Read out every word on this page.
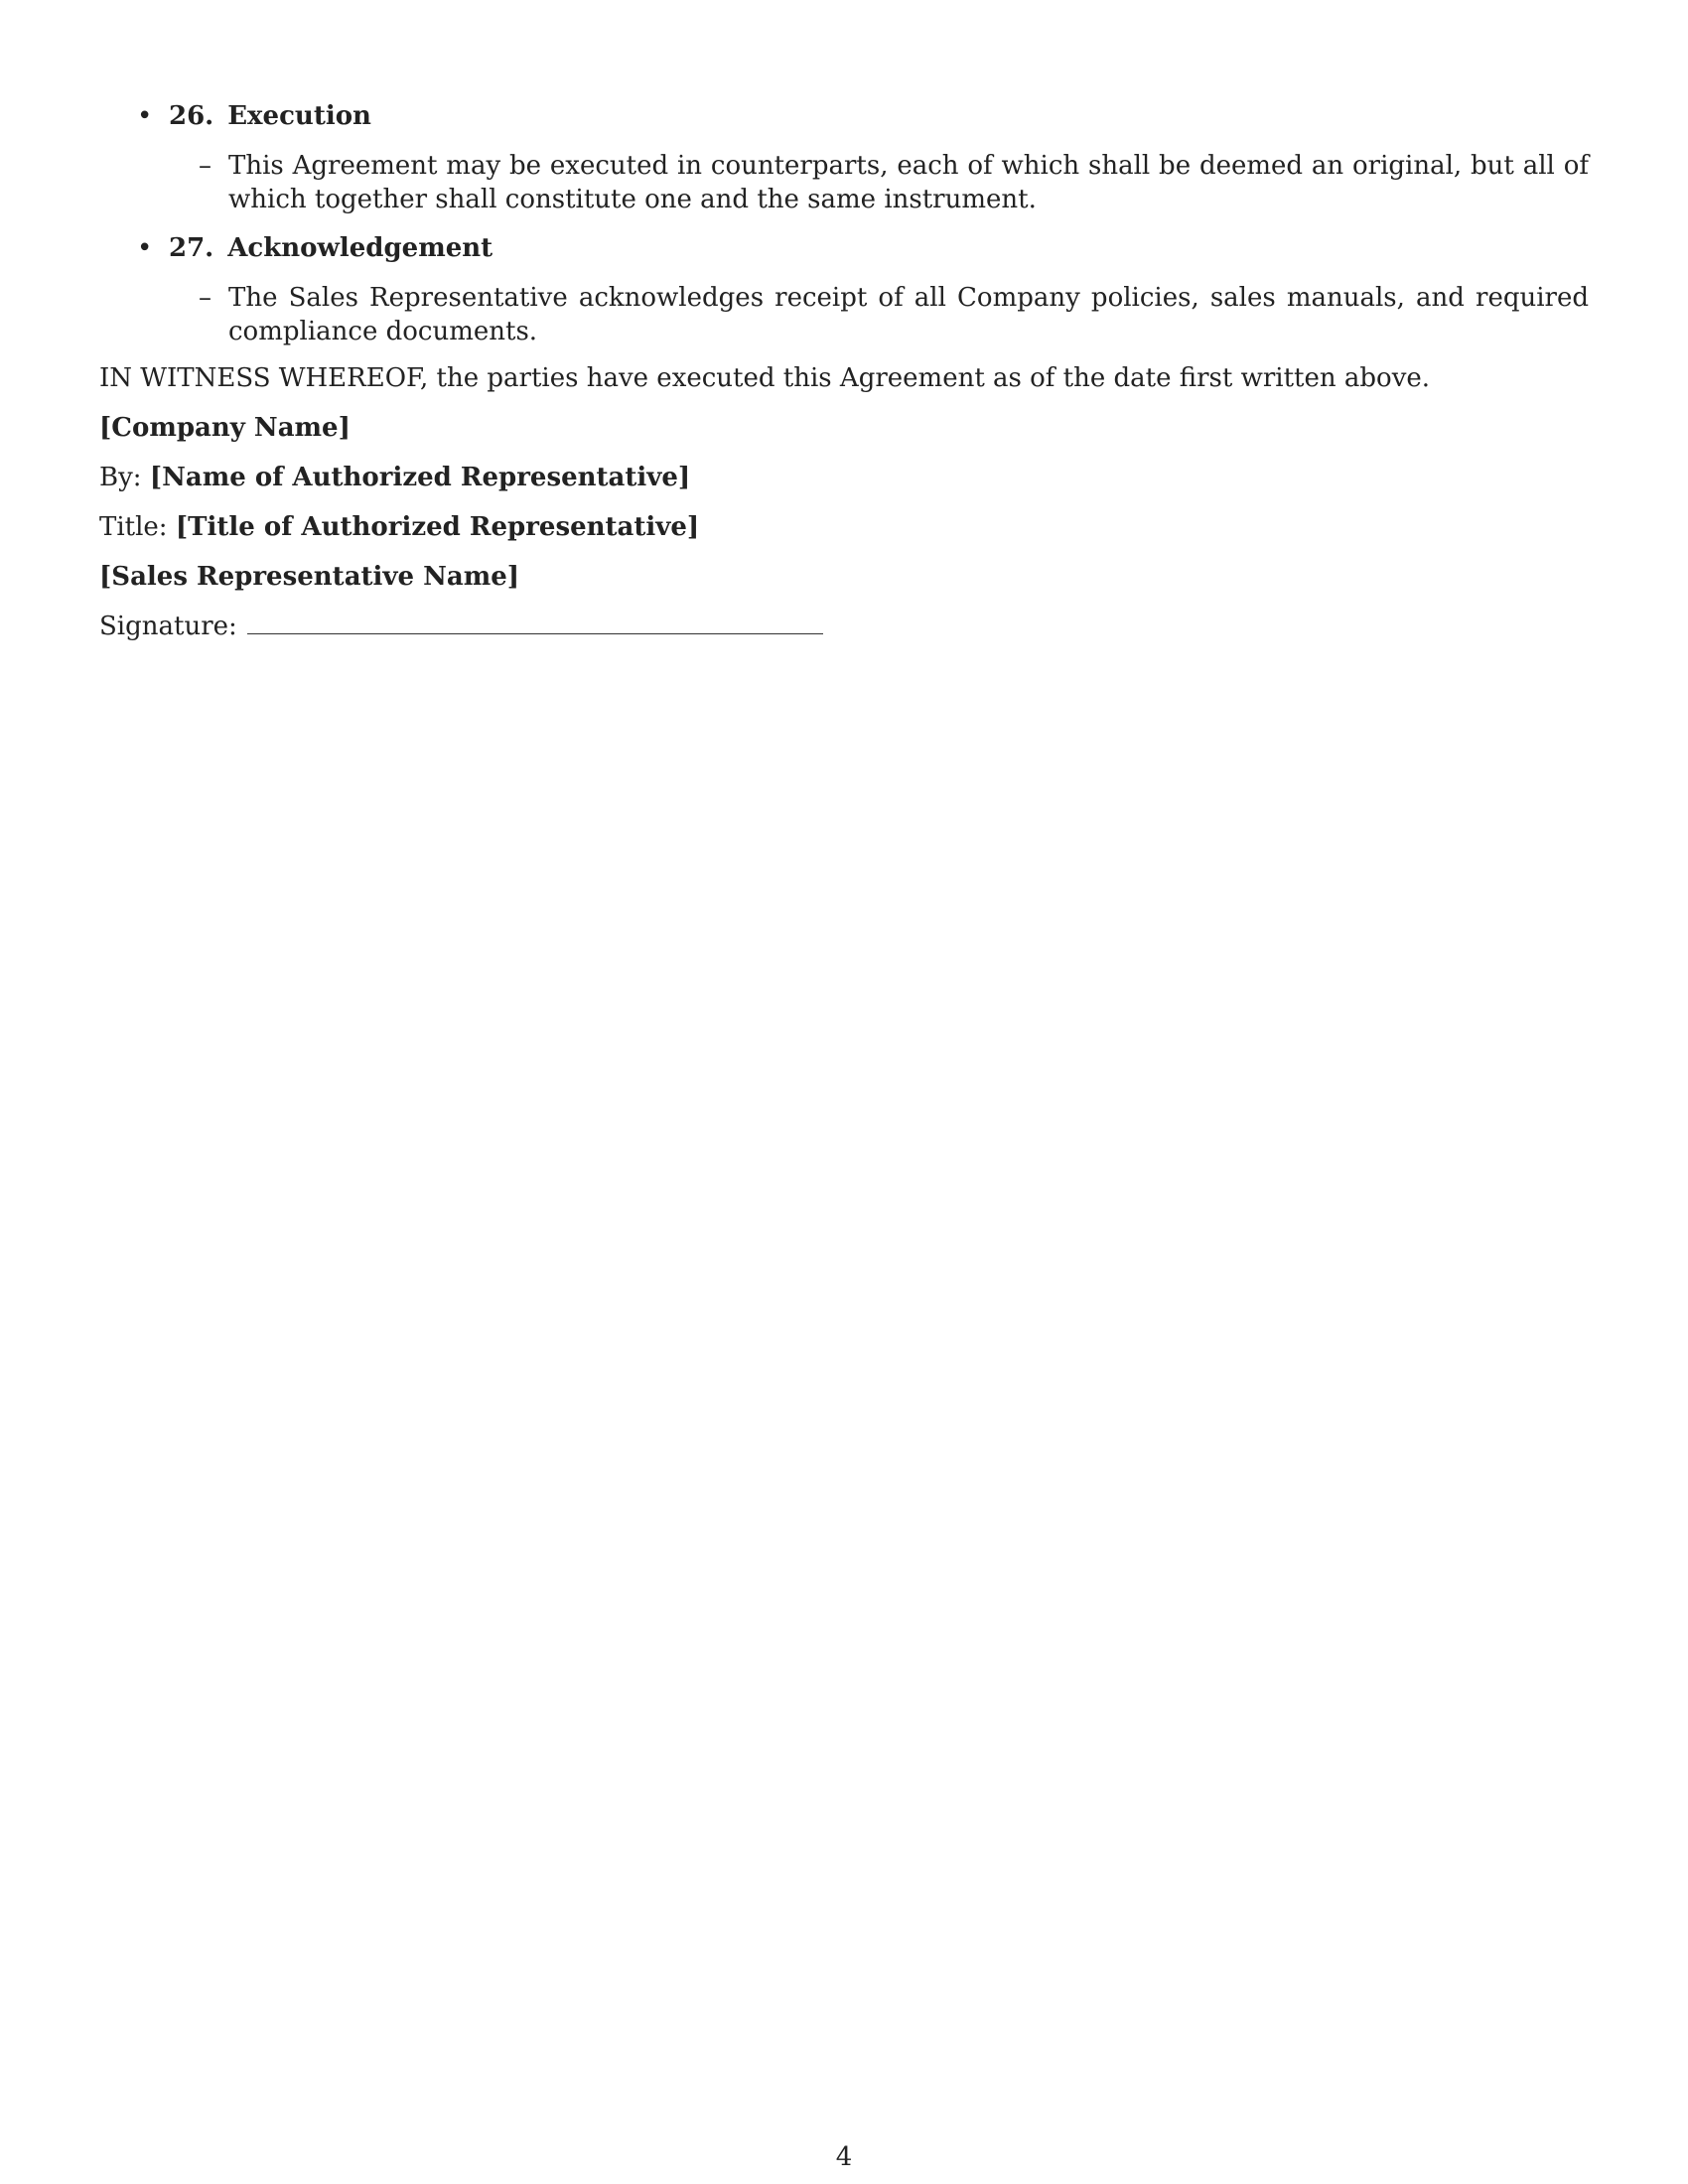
• 26. Execution
– This Agreement may be executed in counterparts, each of which shall be deemed an original, but all of which together shall constitute one and the same instrument.
• 27. Acknowledgement
– The Sales Representative acknowledges receipt of all Company policies, sales manuals, and required compliance documents.
IN WITNESS WHEREOF, the parties have executed this Agreement as of the date first written above.
[Company Name]
By: [Name of Authorized Representative]
Title: [Title of Authorized Representative]
[Sales Representative Name]
Signature:
4
